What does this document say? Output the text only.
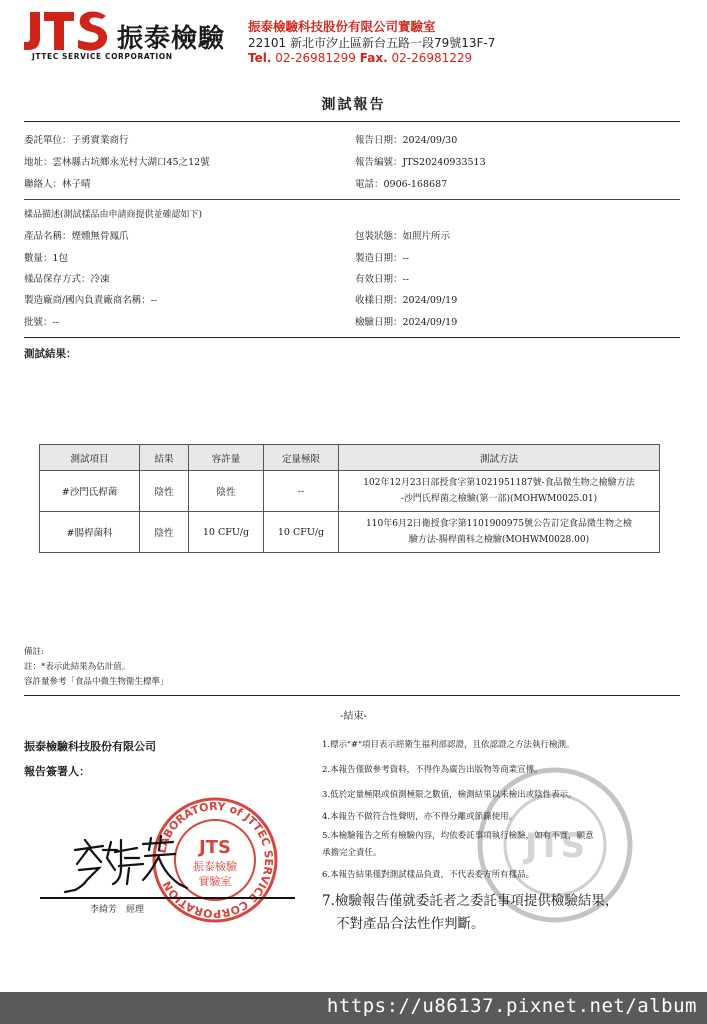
振泰檢驗
JTTEC SERVICE CORPORATION
振泰檢驗科技股份有限公司實驗室
22101 新北市汐止區新台五路一段79號13F-7
Tel. 02-26981299 Fax. 02-26981229
測試報告
委託單位：子勇實業商行
地址：雲林縣古坑鄉永光村大湖口45之12號
聯絡人：林子晴
報告日期：2024/09/30
報告編號：JTS20240933513
電話：0906-168687
樣品描述(測試樣品由申請商提供並確認如下)
產品名稱：煙燻無骨鳳爪
數量：1包
樣品保存方式：冷凍
製造廠商/國內負責廠商名稱：--
批號：--
包裝狀態：如照片所示
製造日期：--
有效日期：--
收樣日期：2024/09/19
檢驗日期：2024/09/19
測試結果：
測試項目	結果	容許量	定量極限	測試方法
#沙門氏桿菌	陰性	陰性	--	102年12月23日部授食字第1021951187號-食品微生物之檢驗方法
-沙門氏桿菌之檢驗(第一部)(MOHWM0025.01)

#腸桿菌科	陰性	10 CFU/g	10 CFU/g	110年6月2日衛授食字第1101900975號公告訂定食品微生物之檢
驗方法-腸桿菌科之檢驗(MOHWM0028.00)
備註:
註：*表示此結果為估計值。
容許量參考「食品中微生物衛生標準」
-結束-
振泰檢驗科技股份有限公司
報告簽署人：
LABORATORY of JTTEC SERVICE CORPORATION
JTS
振泰檢驗
實驗室
李綺芳　經理
JTS
1.標示"#"項目表示經衛生福利部認證，且依認證之方法執行檢測。
2.本報告僅做參考資料，不得作為廣告出版物等商業宣傳。
3.低於定量極限或偵測極限之數值，檢測結果以未檢出或陰性表示。
4.本報告不做符合性聲明，亦不得分離或節錄使用。
5.本檢驗報告之所有檢驗內容，均依委託事項執行檢驗，如有不實，願意
承擔完全責任。
6.本報告結果僅對測試樣品負責，不代表委方所有樣品。
7.檢驗報告僅就委託者之委託事項提供檢驗結果，
不對產品合法性作判斷。
https://u86137.pixnet.net/album
